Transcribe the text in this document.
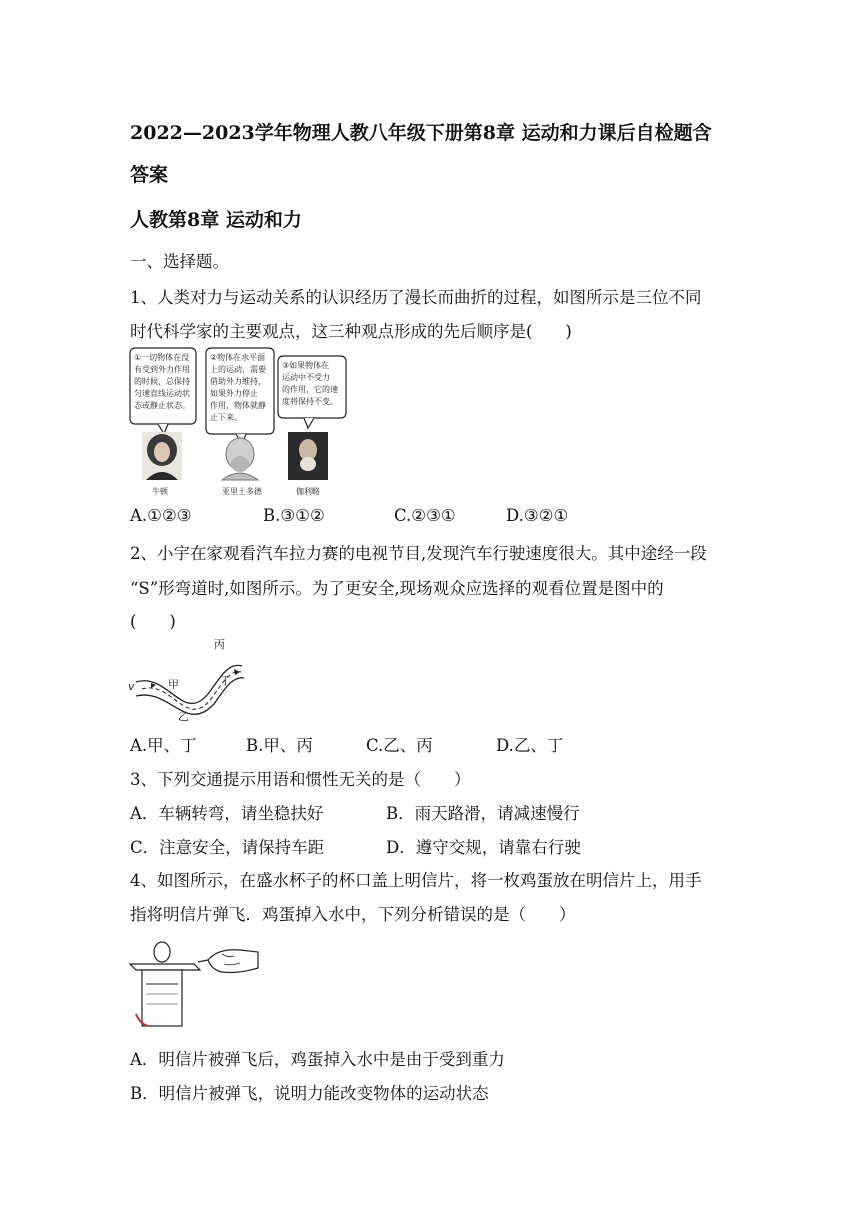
2022—2023学年物理人教八年级下册第8章 运动和力课后自检题含
答案
人教第8章 运动和力
一、选择题。
1、人类对力与运动关系的认识经历了漫长而曲折的过程，如图所示是三位不同
时代科学家的主要观点，这三种观点形成的先后顺序是(　　)
①一切物体在没
有受到外力作用
的时候，总保持
匀速直线运动状
态或静止状态。
②物体在水平面
上的运动，需要
借助外力维持，
如果外力停止
作用，物体就静
止下来。
③如果物体在
运动中不受力
的作用，它的速
度将保持不变。
牛顿	亚里士多德	伽利略
A.①②③	B.③①②	C.②③①	D.③②①
2、小宇在家观看汽车拉力赛的电视节目,发现汽车行驶速度很大。其中途经一段
“S”形弯道时,如图所示。为了更安全,现场观众应选择的观看位置是图中的
(　　)
v	甲
乙
丙
丁
A.甲、丁	B.甲、丙	C.乙、丙	D.乙、丁
3、下列交通提示用语和惯性无关的是（　　）
A．车辆转弯，请坐稳扶好	B．雨天路滑，请减速慢行
C．注意安全，请保持车距	D．遵守交规，请靠右行驶
4、如图所示，在盛水杯子的杯口盖上明信片，将一枚鸡蛋放在明信片上，用手
指将明信片弹飞．鸡蛋掉入水中，下列分析错误的是（　　）
A．明信片被弹飞后，鸡蛋掉入水中是由于受到重力
B．明信片被弹飞，说明力能改变物体的运动状态
